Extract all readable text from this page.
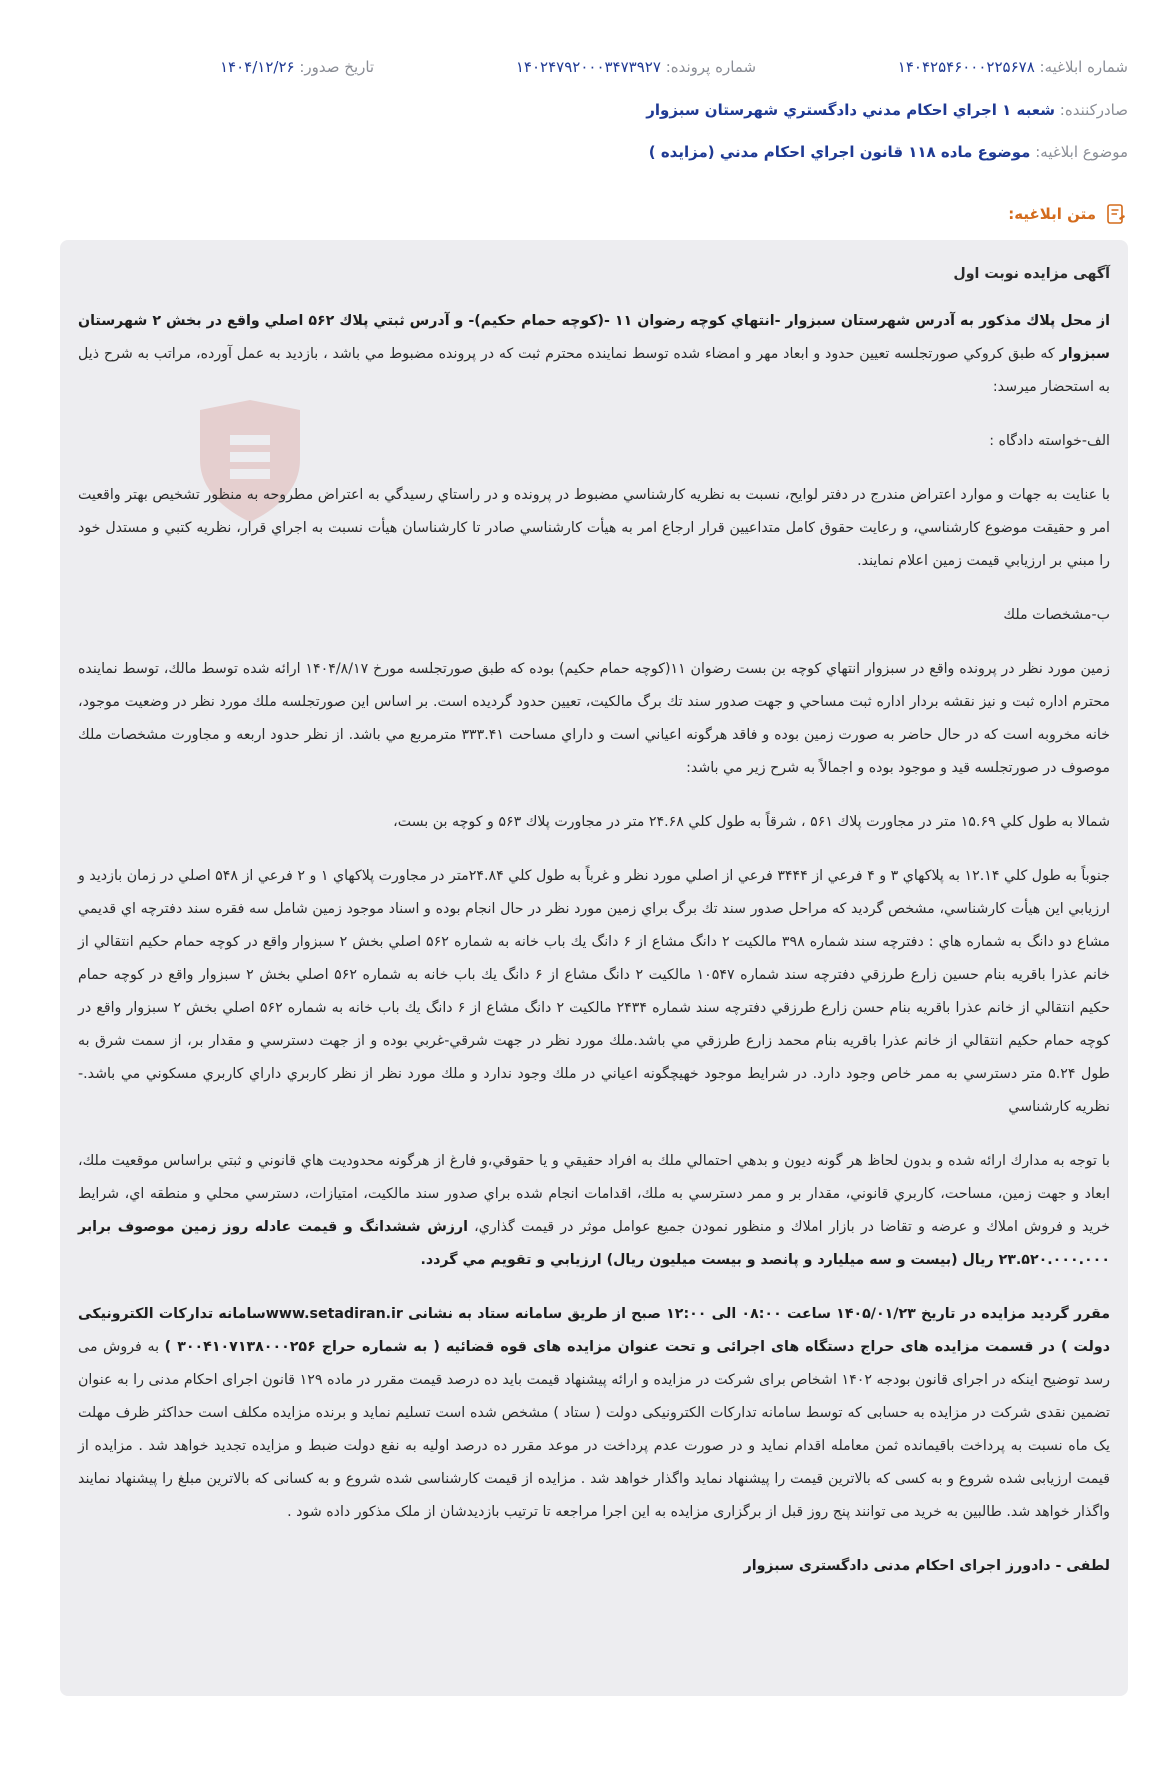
شماره ابلاغيه: ۱۴۰۴۲۵۴۶۰۰۰۲۲۵۶۷۸
شماره پرونده: ۱۴۰۲۴۷۹۲۰۰۰۳۴۷۳۹۲۷
تاريخ صدور: ۱۴۰۴/۱۲/۲۶
صادرکننده: شعبه ۱ اجراي احکام مدني دادگستري شهرستان سبزوار
موضوع ابلاغيه: موضوع ماده ۱۱۸ قانون اجراي احكام مدني (مزايده )
متن ابلاغيه:

آگهی مزایده نوبت اول

از محل پلاك مذکور به آدرس شهرستان سبزوار -انتهاي كوچه رضوان ۱۱ -(كوچه حمام حكيم)- و آدرس ثبتي پلاك ۵۶۲ اصلي واقع در بخش ۲ شهرستان سبزوار كه طبق كروكي صورتجلسه تعيين حدود و ابعاد مهر و امضاء شده توسط نماينده محترم ثبت كه در پرونده مضبوط مي باشد ، بازديد به عمل آورده، مراتب به شرح ذيل به استحضار ميرسد:

الف-خواسته دادگاه :

با عنايت به جهات و موارد اعتراض مندرج در دفتر لوايح، نسبت به نظريه كارشناسي مضبوط در پرونده و در راستاي رسيدگي به اعتراض مطروحه به منظور تشخيص بهتر واقعيت امر و حقيقت موضوع كارشناسي، و رعايت حقوق كامل متداعيين قرار ارجاع امر به هيأت كارشناسي صادر تا كارشناسان هيأت نسبت به اجراي قرار، نظريه كتبي و مستدل خود را مبني بر ارزيابي قيمت زمين اعلام نمايند.

ب-مشخصات ملك

زمين مورد نظر در پرونده واقع در سبزوار انتهاي كوچه بن بست رضوان ۱۱(كوچه حمام حكيم) بوده كه طبق صورتجلسه مورخ ۱۴۰۴/۸/۱۷ ارائه شده توسط مالك، توسط نماينده محترم اداره ثبت و نيز نقشه بردار اداره ثبت مساحي و جهت صدور سند تك برگ مالكيت، تعيين حدود گرديده است. بر اساس اين صورتجلسه ملك مورد نظر در وضعيت موجود، خانه مخروبه است كه در حال حاضر به صورت زمين بوده و فاقد هرگونه اعياني است و داراي مساحت ۳۳۳.۴۱ مترمربع مي باشد. از نظر حدود اربعه و مجاورت مشخصات ملك موصوف در صورتجلسه قيد و موجود بوده و اجمالاً به شرح زير مي باشد:

شمالا به طول كلي ۱۵.۶۹ متر در مجاورت پلاك ۵۶۱ ، شرقاً به طول كلي ۲۴.۶۸ متر در مجاورت پلاك ۵۶۳ و كوچه بن بست،

جنوباً به طول كلي ۱۲.۱۴ به پلاكهاي ۳ و ۴ فرعي از ۳۴۴۴ فرعي از اصلي مورد نظر و غرباً به طول كلي ۲۴.۸۴متر در مجاورت پلاكهاي ۱ و ۲ فرعي از ۵۴۸ اصلي در زمان بازديد و ارزيابي اين هيأت كارشناسي، مشخص گرديد كه مراحل صدور سند تك برگ براي زمين مورد نظر در حال انجام بوده و اسناد موجود زمين شامل سه فقره سند دفترچه اي قديمي مشاع دو دانگ به شماره هاي : دفترچه سند شماره ۳۹۸ مالكيت ۲ دانگ مشاع از ۶ دانگ يك باب خانه به شماره ۵۶۲ اصلي بخش ۲ سبزوار واقع در كوچه حمام حكيم انتقالي از خانم عذرا باقريه بنام حسين زارع طرزقي دفترچه سند شماره ۱۰۵۴۷ مالكيت ۲ دانگ مشاع از ۶ دانگ يك باب خانه به شماره ۵۶۲ اصلي بخش ۲ سبزوار واقع در كوچه حمام حكيم انتقالي از خانم عذرا باقريه بنام حسن زارع طرزقي دفترچه سند شماره ۲۴۳۴ مالكيت ۲ دانگ مشاع از ۶ دانگ يك باب خانه به شماره ۵۶۲ اصلي بخش ۲ سبزوار واقع در كوچه حمام حكيم انتقالي از خانم عذرا باقريه بنام محمد زارع طرزقي مي باشد.ملك مورد نظر در جهت شرقي-غربي بوده و از جهت دسترسي و مقدار بر، از سمت شرق به طول ۵.۲۴ متر دسترسي به ممر خاص وجود دارد. در شرايط موجود خهيچگونه اعياني در ملك وجود ندارد و ملك مورد نظر از نظر كاربري داراي كاربري مسكوني مي باشد.- نظريه كارشناسي

با توجه به مدارك ارائه شده و بدون لحاظ هر گونه ديون و بدهي احتمالي ملك به افراد حقيقي و يا حقوقي،و فارغ از هرگونه محدوديت هاي قانوني و ثبتي براساس موقعيت ملك، ابعاد و جهت زمين، مساحت، كاربري قانوني، مقدار بر و ممر دسترسي به ملك، اقدامات انجام شده براي صدور سند مالكيت، امتيازات، دسترسي محلي و منطقه اي، شرايط خريد و فروش املاك و عرضه و تقاضا در بازار املاك و منظور نمودن جميع عوامل موثر در قيمت گذاري، ارزش ششدانگ و قيمت عادله روز زمين موصوف برابر ۲۳.۵۲۰.۰۰۰.۰۰۰ ريال (بيست و سه ميليارد و پانصد و بيست ميليون ريال) ارزيابي و تقويم مي گردد.

مقرر گردید مزایده در تاریخ ۱۴۰۵/۰۱/۲۳ ساعت ۰۸:۰۰ الی ۱۲:۰۰ صبح از طریق سامانه ستاد به نشانی www.setadiran.irسامانه تدارکات الکترونیکی دولت ) در قسمت مزایده های حراج دستگاه های اجرائی و تحت عنوان مزایده های قوه قضائیه ( به شماره حراج ۳۰۰۴۱۰۷۱۳۸۰۰۰۲۵۶ ) به فروش می رسد توضیح اینکه در اجرای قانون بودجه ۱۴۰۲ اشخاص برای شرکت در مزایده و ارائه پیشنهاد قیمت باید ده درصد قیمت مقرر در ماده ۱۲۹ قانون اجرای احکام مدنی را به عنوان تضمین نقدی شرکت در مزایده به حسابی که توسط سامانه تدارکات الکترونیکی دولت ( ستاد ) مشخص شده است تسلیم نماید و برنده مزایده مکلف است حداکثر ظرف مهلت یک ماه نسبت به پرداخت باقیمانده ثمن معامله اقدام نماید و در صورت عدم پرداخت در موعد مقرر ده درصد اولیه به نفع دولت ضبط و مزایده تجدید خواهد شد . مزایده از قیمت ارزیابی شده شروع و به کسی که بالاترین قیمت را پیشنهاد نماید واگذار خواهد شد . مزایده از قیمت کارشناسی شده شروع و به کسانی که بالاترین مبلغ را پیشنهاد نمایند واگذار خواهد شد. طالبین به خرید می توانند پنج روز قبل از برگزاری مزایده به این اجرا مراجعه تا ترتیب بازدیدشان از ملک مذکور داده شود .

لطفی - دادورز اجرای احکام مدنی دادگستری سبزوار
